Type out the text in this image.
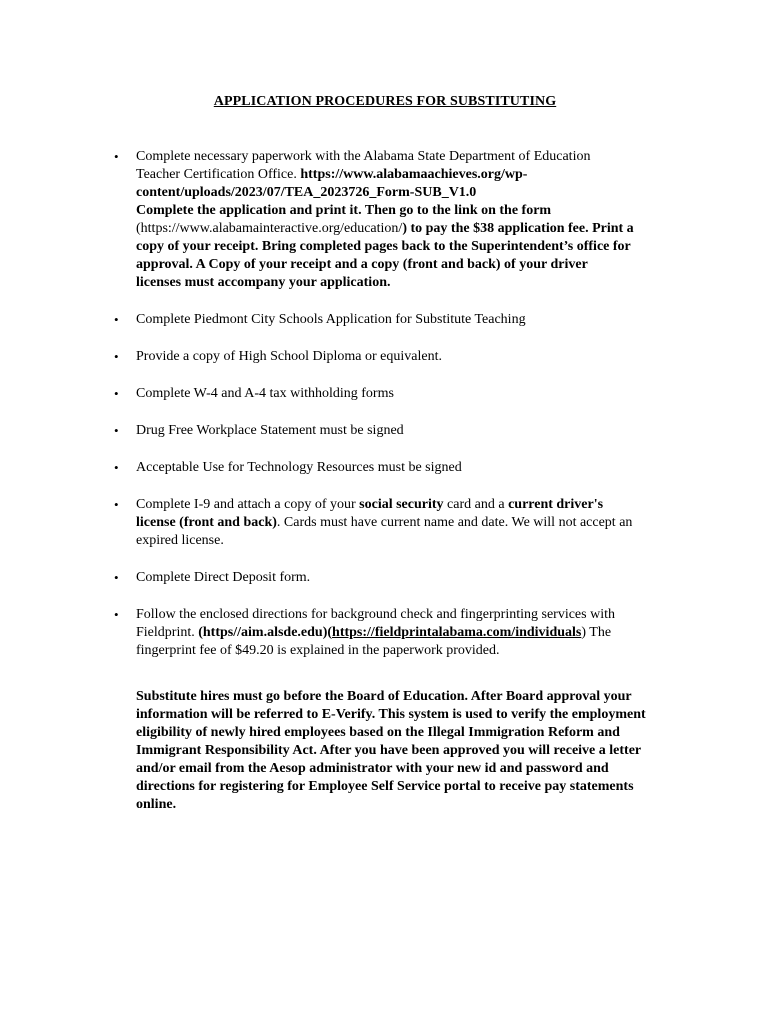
APPLICATION PROCEDURES FOR SUBSTITUTING
• Complete necessary paperwork with the Alabama State Department of Education Teacher Certification Office. https://www.alabamaachieves.org/wp-content/uploads/2023/07/TEA_2023726_Form-SUB_V1.0
Complete the application and print it. Then go to the link on the form
(https://www.alabamainteractive.org/education/) to pay the $38 application fee. Print a copy of your receipt. Bring completed pages back to the Superintendent’s office for approval. A Copy of your receipt and a copy (front and back) of your driver licenses must accompany your application.
• Complete Piedmont City Schools Application for Substitute Teaching
• Provide a copy of High School Diploma or equivalent.
• Complete W-4 and A-4 tax withholding forms
• Drug Free Workplace Statement must be signed
• Acceptable Use for Technology Resources must be signed
• Complete I-9 and attach a copy of your social security card and a current driver's license (front and back). Cards must have current name and date. We will not accept an expired license.
• Complete Direct Deposit form.
• Follow the enclosed directions for background check and fingerprinting services with Fieldprint. (https//aim.alsde.edu)(https://fieldprintalabama.com/individuals) The fingerprint fee of $49.20 is explained in the paperwork provided.

Substitute hires must go before the Board of Education. After Board approval your information will be referred to E-Verify. This system is used to verify the employment eligibility of newly hired employees based on the Illegal Immigration Reform and Immigrant Responsibility Act. After you have been approved you will receive a letter and/or email from the Aesop administrator with your new id and password and directions for registering for Employee Self Service portal to receive pay statements online.
